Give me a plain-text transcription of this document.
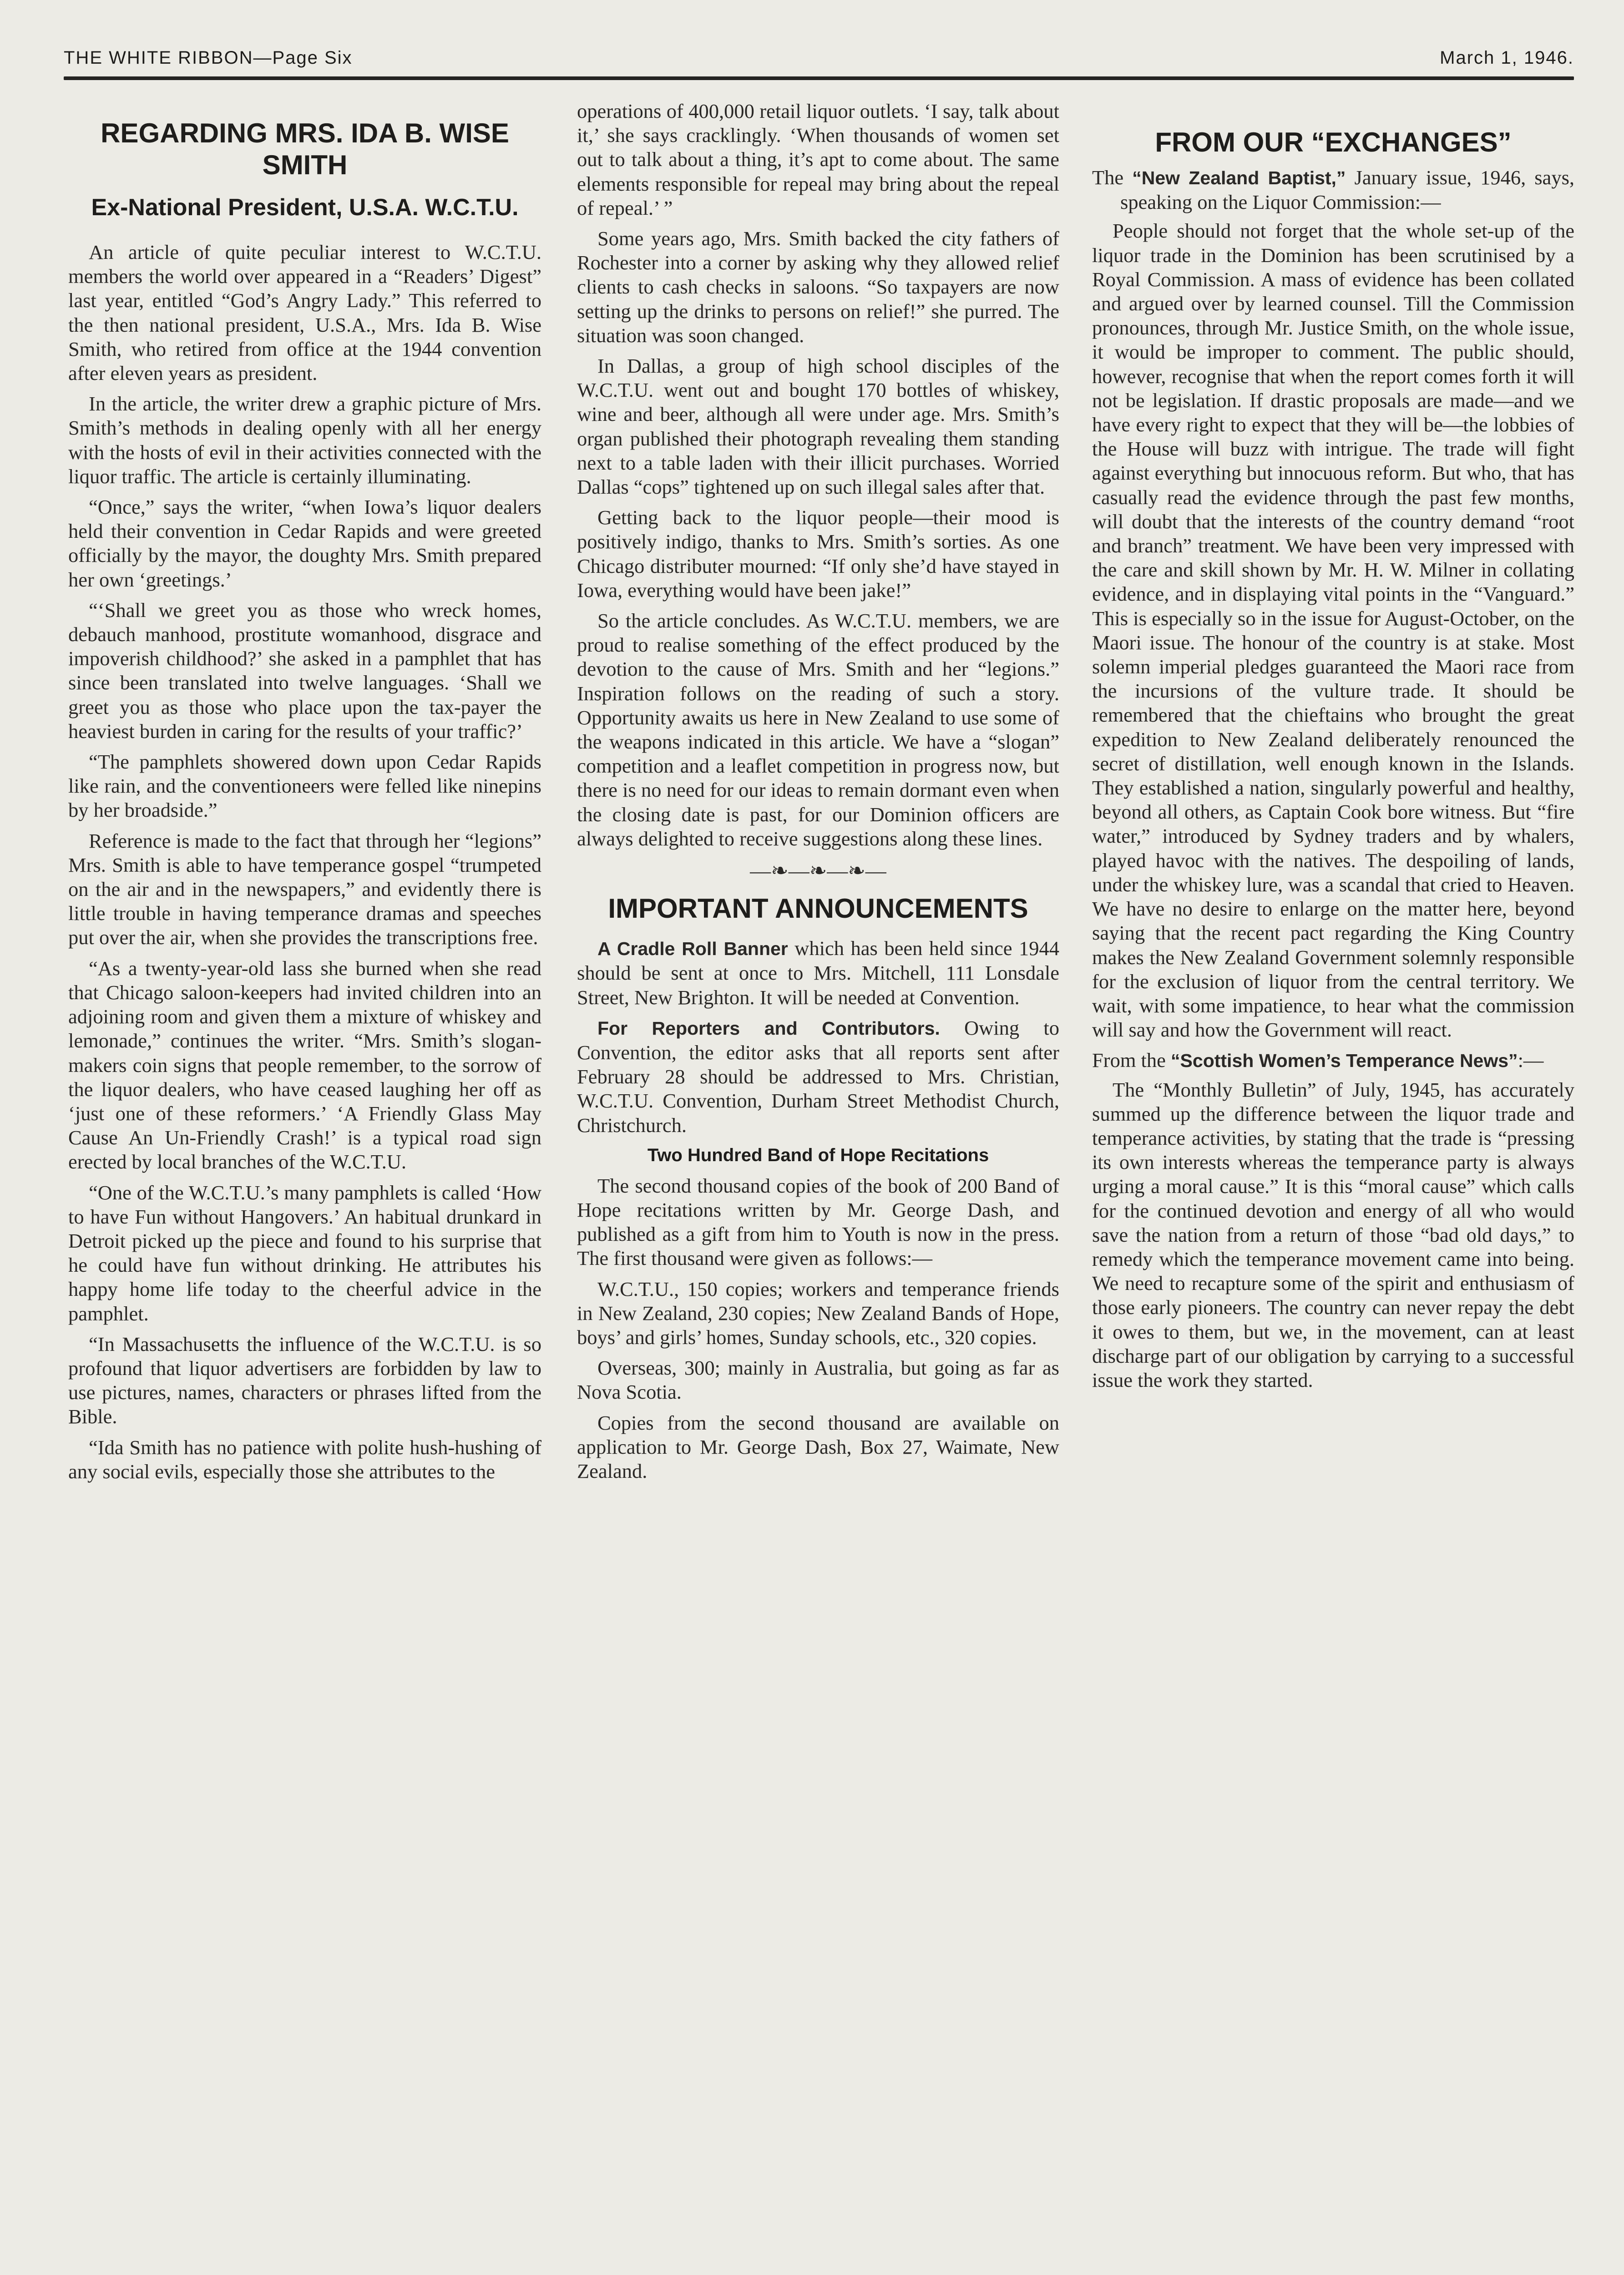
THE WHITE RIBBON—Page Six	March 1, 1946.
REGARDING MRS. IDA B. WISE SMITH
Ex-National President, U.S.A. W.C.T.U.

An article of quite peculiar interest to W.C.T.U. members the world over appeared in a “Readers’ Digest” last year, entitled “God’s Angry Lady.” This referred to the then national president, U.S.A., Mrs. Ida B. Wise Smith, who retired from office at the 1944 convention after eleven years as president.

In the article, the writer drew a graphic picture of Mrs. Smith’s methods in dealing openly with all her energy with the hosts of evil in their activities connected with the liquor traffic. The article is certainly illuminating.

“Once,” says the writer, “when Iowa’s liquor dealers held their convention in Cedar Rapids and were greeted officially by the mayor, the doughty Mrs. Smith prepared her own ‘greetings.’

“‘Shall we greet you as those who wreck homes, debauch manhood, prostitute womanhood, disgrace and impoverish childhood?’ she asked in a pamphlet that has since been translated into twelve languages. ‘Shall we greet you as those who place upon the tax-payer the heaviest burden in caring for the results of your traffic?’

“The pamphlets showered down upon Cedar Rapids like rain, and the conventioneers were felled like ninepins by her broadside.”

Reference is made to the fact that through her “legions” Mrs. Smith is able to have temperance gospel “trumpeted on the air and in the newspapers,” and evidently there is little trouble in having temperance dramas and speeches put over the air, when she provides the transcriptions free.

“As a twenty-year-old lass she burned when she read that Chicago saloon-keepers had invited children into an adjoining room and given them a mixture of whiskey and lemonade,” continues the writer. “Mrs. Smith’s slogan-makers coin signs that people remember, to the sorrow of the liquor dealers, who have ceased laughing her off as ‘just one of these reformers.’ ‘A Friendly Glass May Cause An Un-Friendly Crash!’ is a typical road sign erected by local branches of the W.C.T.U.

“One of the W.C.T.U.’s many pamphlets is called ‘How to have Fun without Hangovers.’ An habitual drunkard in Detroit picked up the piece and found to his surprise that he could have fun without drinking. He attributes his happy home life today to the cheerful advice in the pamphlet.

“In Massachusetts the influence of the W.C.T.U. is so profound that liquor advertisers are forbidden by law to use pictures, names, characters or phrases lifted from the Bible.

“Ida Smith has no patience with polite hush-hushing of any social evils, especially those she attributes to the

operations of 400,000 retail liquor outlets. ‘I say, talk about it,’ she says cracklingly. ‘When thousands of women set out to talk about a thing, it’s apt to come about. The same elements responsible for repeal may bring about the repeal of repeal.’ ”

Some years ago, Mrs. Smith backed the city fathers of Rochester into a corner by asking why they allowed relief clients to cash checks in saloons. “So taxpayers are now setting up the drinks to persons on relief!” she purred. The situation was soon changed.

In Dallas, a group of high school disciples of the W.C.T.U. went out and bought 170 bottles of whiskey, wine and beer, although all were under age. Mrs. Smith’s organ published their photograph revealing them standing next to a table laden with their illicit purchases. Worried Dallas “cops” tightened up on such illegal sales after that.

Getting back to the liquor people—their mood is positively indigo, thanks to Mrs. Smith’s sorties. As one Chicago distributer mourned: “If only she’d have stayed in Iowa, everything would have been jake!”

So the article concludes. As W.C.T.U. members, we are proud to realise something of the effect produced by the devotion to the cause of Mrs. Smith and her “legions.” Inspiration follows on the reading of such a story. Opportunity awaits us here in New Zealand to use some of the weapons indicated in this article. We have a “slogan” competition and a leaflet competition in progress now, but there is no need for our ideas to remain dormant even when the closing date is past, for our Dominion officers are always delighted to receive suggestions along these lines.

—❧—❧—❧—
IMPORTANT ANNOUNCEMENTS

A Cradle Roll Banner which has been held since 1944 should be sent at once to Mrs. Mitchell, 111 Lonsdale Street, New Brighton. It will be needed at Convention.

For Reporters and Contributors. Owing to Convention, the editor asks that all reports sent after February 28 should be addressed to Mrs. Christian, W.C.T.U. Convention, Durham Street Methodist Church, Christchurch.

Two Hundred Band of Hope Recitations

The second thousand copies of the book of 200 Band of Hope recitations written by Mr. George Dash, and published as a gift from him to Youth is now in the press. The first thousand were given as follows:—

W.C.T.U., 150 copies; workers and temperance friends in New Zealand, 230 copies; New Zealand Bands of Hope, boys’ and girls’ homes, Sunday schools, etc., 320 copies.

Overseas, 300; mainly in Australia, but going as far as Nova Scotia.

Copies from the second thousand are available on application to Mr. George Dash, Box 27, Waimate, New Zealand.

FROM OUR “EXCHANGES”

The “New Zealand Baptist,” January issue, 1946, says, speaking on the Liquor Commission:—

People should not forget that the whole set-up of the liquor trade in the Dominion has been scrutinised by a Royal Commission. A mass of evidence has been collated and argued over by learned counsel. Till the Commission pronounces, through Mr. Justice Smith, on the whole issue, it would be improper to comment. The public should, however, recognise that when the report comes forth it will not be legislation. If drastic proposals are made—and we have every right to expect that they will be—the lobbies of the House will buzz with intrigue. The trade will fight against everything but innocuous reform. But who, that has casually read the evidence through the past few months, will doubt that the interests of the country demand “root and branch” treatment. We have been very impressed with the care and skill shown by Mr. H. W. Milner in collating evidence, and in displaying vital points in the “Vanguard.” This is especially so in the issue for August-October, on the Maori issue. The honour of the country is at stake. Most solemn imperial pledges guaranteed the Maori race from the incursions of the vulture trade. It should be remembered that the chieftains who brought the great expedition to New Zealand deliberately renounced the secret of distillation, well enough known in the Islands. They established a nation, singularly powerful and healthy, beyond all others, as Captain Cook bore witness. But “fire water,” introduced by Sydney traders and by whalers, played havoc with the natives. The despoiling of lands, under the whiskey lure, was a scandal that cried to Heaven. We have no desire to enlarge on the matter here, beyond saying that the recent pact regarding the King Country makes the New Zealand Government solemnly responsible for the exclusion of liquor from the central territory. We wait, with some impatience, to hear what the commission will say and how the Government will react.

From the “Scottish Women’s Temperance News”:—

The “Monthly Bulletin” of July, 1945, has accurately summed up the difference between the liquor trade and temperance activities, by stating that the trade is “pressing its own interests whereas the temperance party is always urging a moral cause.” It is this “moral cause” which calls for the continued devotion and energy of all who would save the nation from a return of those “bad old days,” to remedy which the temperance movement came into being. We need to recapture some of the spirit and enthusiasm of those early pioneers. The country can never repay the debt it owes to them, but we, in the movement, can at least discharge part of our obligation by carrying to a successful issue the work they started.
